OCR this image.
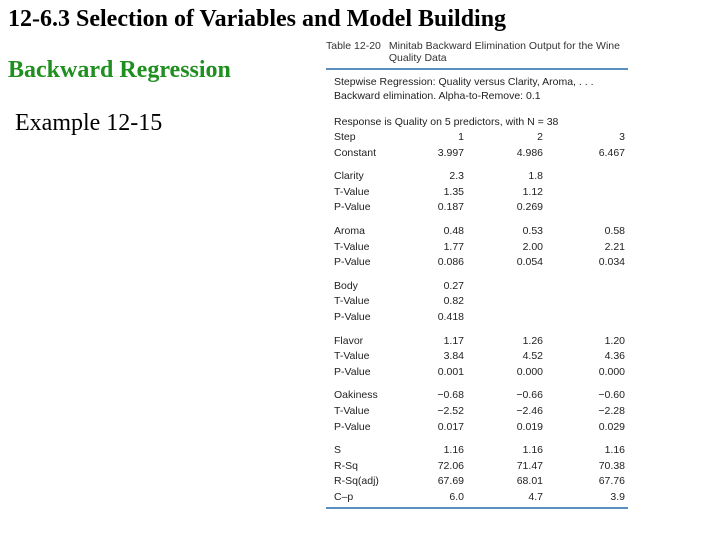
12-6.3 Selection of Variables and Model Building
Backward Regression
Example 12-15
Table 12-20 Minitab Backward Elimination Output for the Wine Quality Data
Stepwise Regression: Quality versus Clarity, Aroma, . . .
Backward elimination. Alpha-to-Remove: 0.1
Response is Quality on 5 predictors, with N = 38
Step	1	2	3
Constant	3.997	4.986	6.467
Clarity	2.3	1.8
T-Value	1.35	1.12
P-Value	0.187	0.269
Aroma	0.48	0.53	0.58
T-Value	1.77	2.00	2.21
P-Value	0.086	0.054	0.034
Body	0.27
T-Value	0.82
P-Value	0.418
Flavor	1.17	1.26	1.20
T-Value	3.84	4.52	4.36
P-Value	0.001	0.000	0.000
Oakiness	−0.68	−0.66	−0.60
T-Value	−2.52	−2.46	−2.28
P-Value	0.017	0.019	0.029
S	1.16	1.16	1.16
R-Sq	72.06	71.47	70.38
R-Sq(adj)	67.69	68.01	67.76
C–p	6.0	4.7	3.9
